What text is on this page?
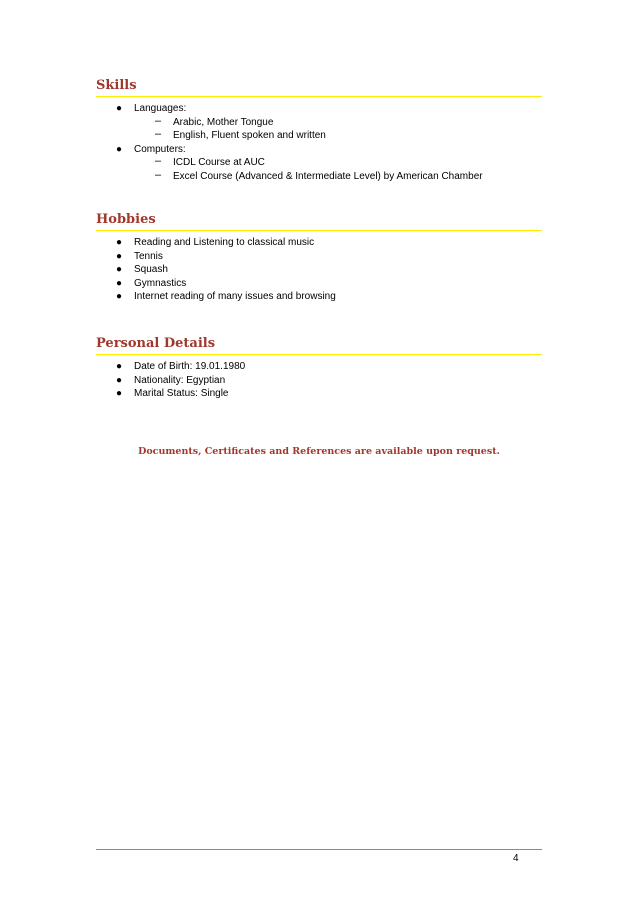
Skills
● Languages:
– Arabic, Mother Tongue
– English, Fluent spoken and written
● Computers:
– ICDL Course at AUC
– Excel Course (Advanced & Intermediate Level) by American Chamber
Hobbies
● Reading and Listening to classical music
● Tennis
● Squash
● Gymnastics
● Internet reading of many issues and browsing
Personal Details
● Date of Birth: 19.01.1980
● Nationality: Egyptian
● Marital Status: Single
Documents, Certificates and References are available upon request.
4
